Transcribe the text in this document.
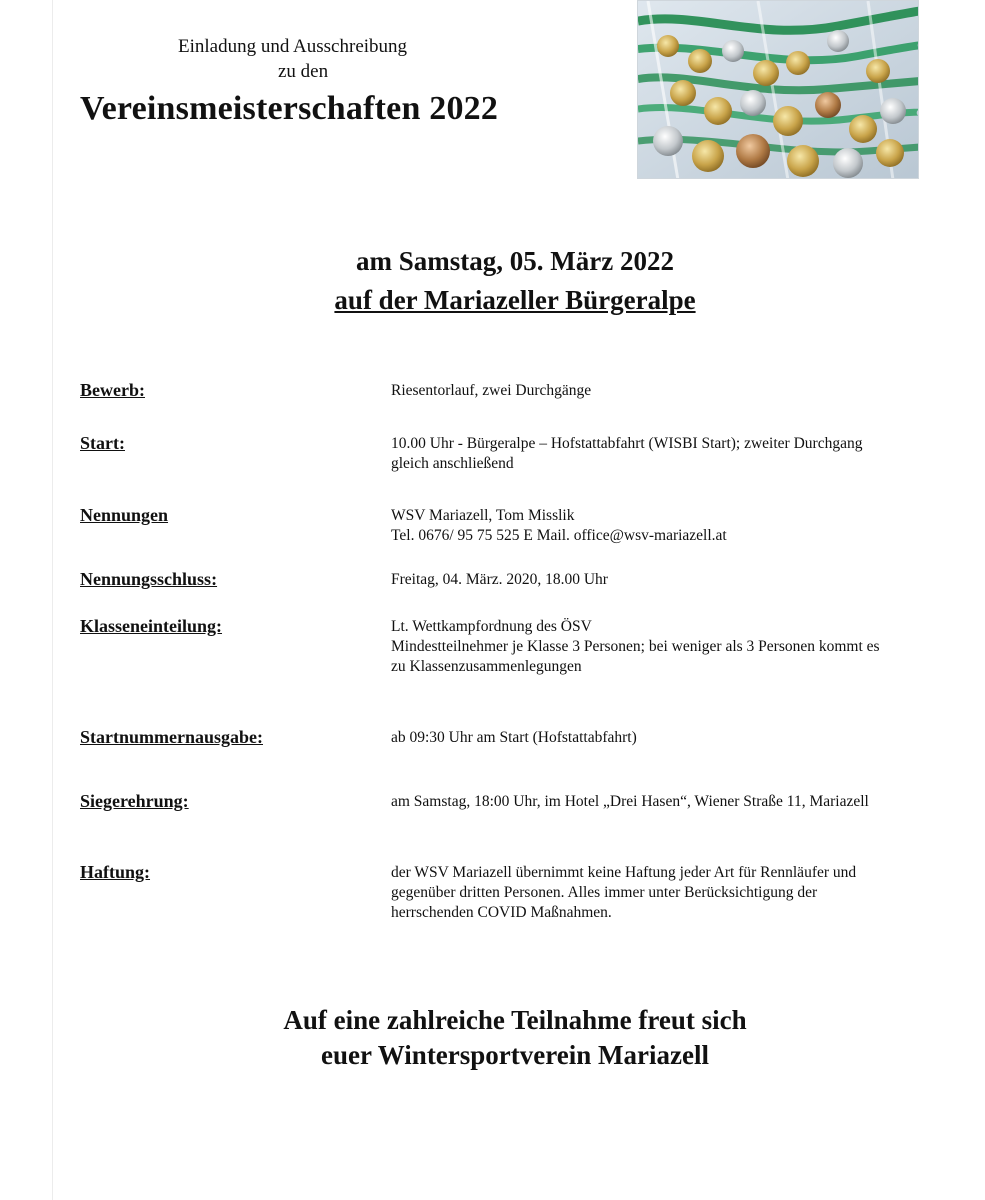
Einladung und Ausschreibung
zu den
Vereinsmeisterschaften 2022
am Samstag, 05. März 2022
auf der Mariazeller Bürgeralpe
Bewerb:	Riesentorlauf, zwei Durchgänge
Start:	10.00 Uhr - Bürgeralpe – Hofstattabfahrt (WISBI Start); zweiter Durchgang
gleich anschließend
Nennungen	WSV Mariazell, Tom Misslik
Tel. 0676/ 95 75 525 E Mail. office@wsv-mariazell.at
Nennungsschluss:	Freitag, 04. März. 2020, 18.00 Uhr
Klasseneinteilung:	Lt. Wettkampfordnung des ÖSV
Mindestteilnehmer je Klasse 3 Personen; bei weniger als 3 Personen kommt es
zu Klassenzusammenlegungen
Startnummernausgabe:	ab 09:30 Uhr am Start (Hofstattabfahrt)
Siegerehrung:	am Samstag, 18:00 Uhr, im Hotel „Drei Hasen“, Wiener Straße 11, Mariazell
Haftung:	der WSV Mariazell übernimmt keine Haftung jeder Art für Rennläufer und
gegenüber dritten Personen. Alles immer unter Berücksichtigung der
herrschenden COVID Maßnahmen.
Auf eine zahlreiche Teilnahme freut sich
euer Wintersportverein Mariazell
